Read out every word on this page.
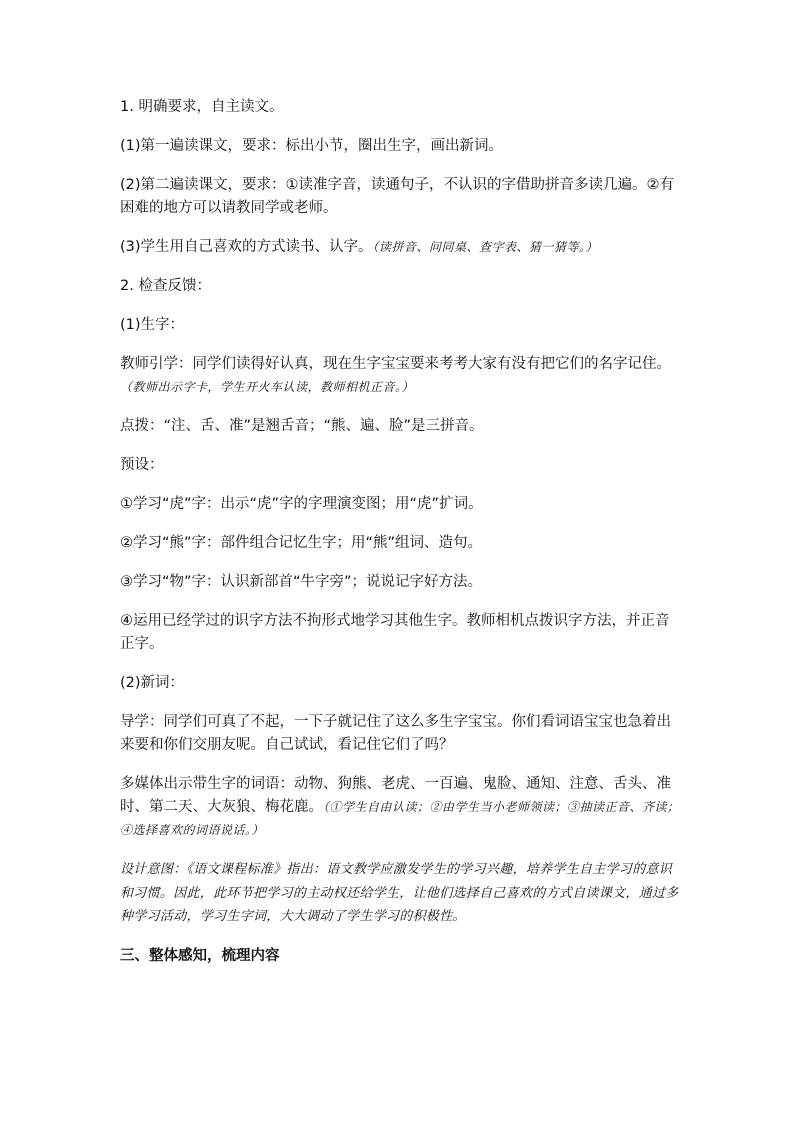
1. 明确要求，自主读文。

(1)第一遍读课文，要求：标出小节，圈出生字，画出新词。

(2)第二遍读课文，要求：①读准字音，读通句子，不认识的字借助拼音多读几遍。②有困难的地方可以请教同学或老师。

(3)学生用自己喜欢的方式读书、认字。（读拼音、问同桌、查字表、猜一猜等。）

2. 检查反馈：

(1)生字：

教师引学：同学们读得好认真，现在生字宝宝要来考考大家有没有把它们的名字记住。（教师出示字卡，学生开火车认读，教师相机正音。）

点拨：“注、舌、准”是翘舌音；“熊、遍、脸”是三拼音。

预设：

①学习“虎”字：出示“虎”字的字理演变图；用“虎”扩词。

②学习“熊”字：部件组合记忆生字；用“熊”组词、造句。

③学习“物”字：认识新部首“牛字旁”；说说记字好方法。

④运用已经学过的识字方法不拘形式地学习其他生字。教师相机点拨识字方法，并正音正字。

(2)新词：

导学：同学们可真了不起，一下子就记住了这么多生字宝宝。你们看词语宝宝也急着出来要和你们交朋友呢。自己试试，看记住它们了吗？

多媒体出示带生字的词语：动物、狗熊、老虎、一百遍、鬼脸、通知、注意、舌头、准时、第二天、大灰狼、梅花鹿。（①学生自由认读；②由学生当小老师领读；③抽读正音、齐读；④选择喜欢的词语说话。）

设计意图：《语文课程标准》指出：语文教学应激发学生的学习兴趣，培养学生自主学习的意识和习惯。因此，此环节把学习的主动权还给学生，让他们选择自己喜欢的方式自读课文，通过多种学习活动，学习生字词，大大调动了学生学习的积极性。

三、整体感知，梳理内容
